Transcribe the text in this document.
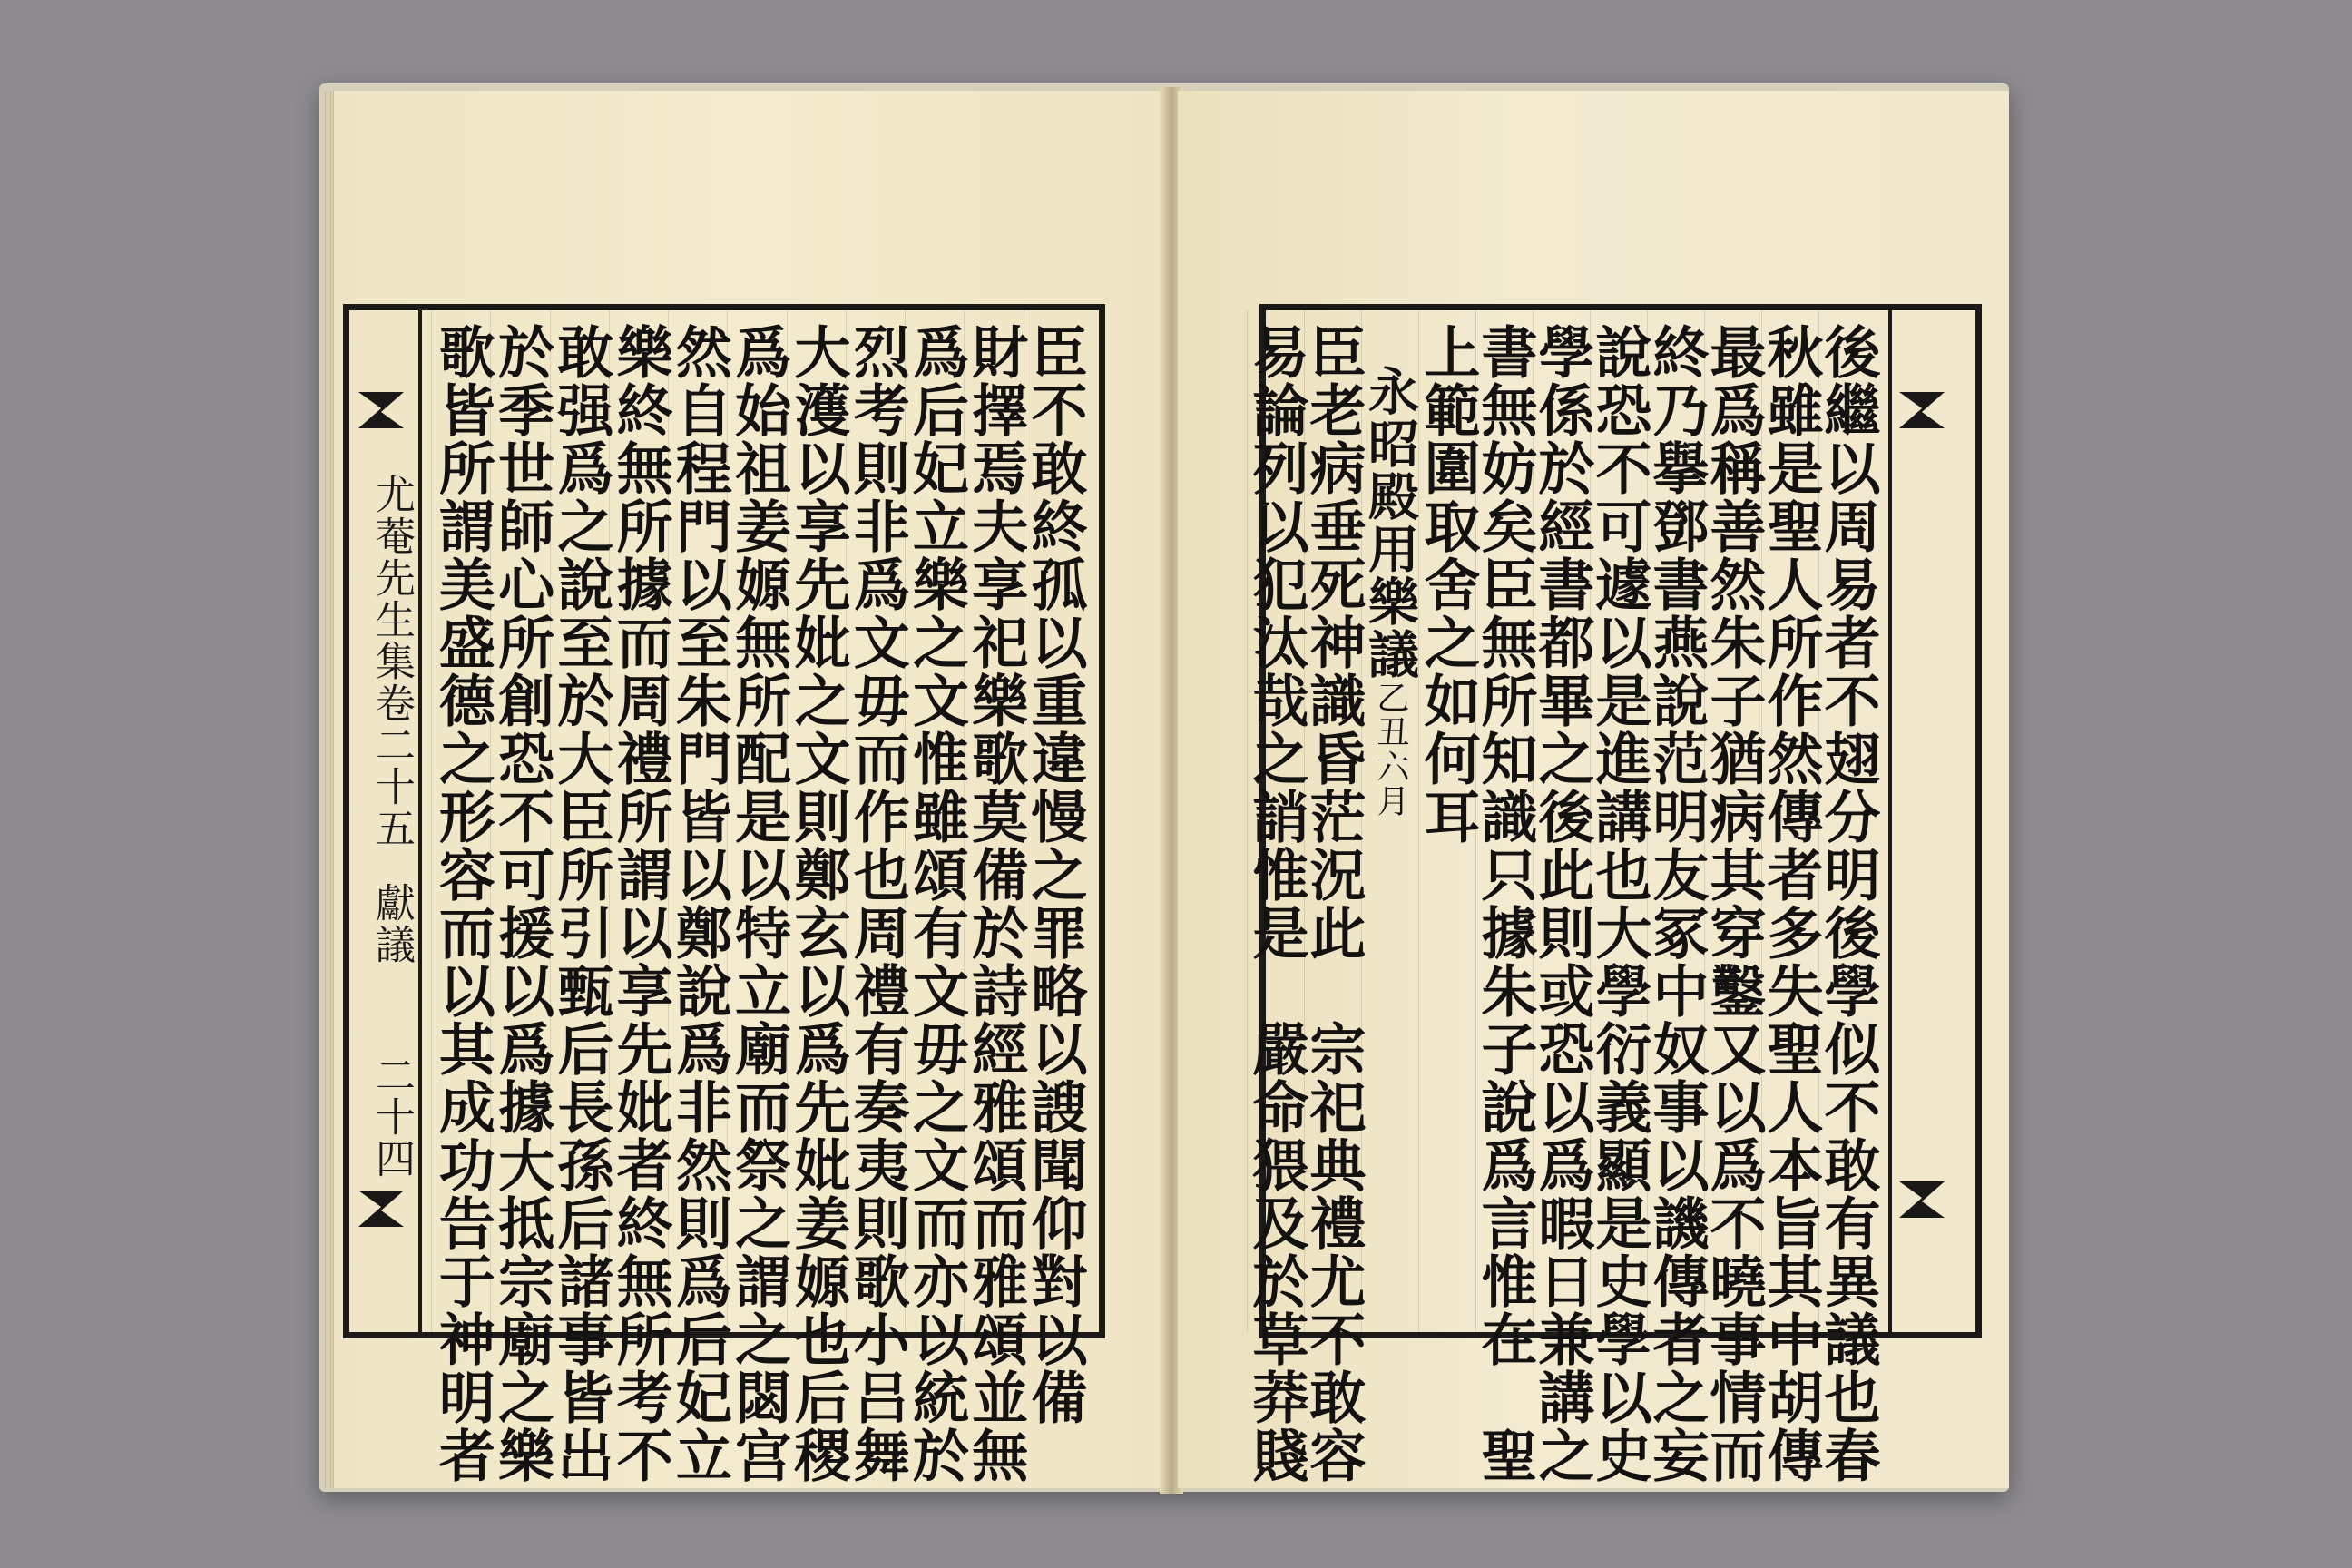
尤菴先生集卷二十五
獻議
二十四	臣不敢終孤以重違慢之罪略以謏聞仰對以備
財擇焉夫享祀樂歌莫備於詩經雅頌而雅頌並無
爲后妃立樂之文惟雖頌有文毋之文而亦以統於
烈考則非爲文毋而作也周禮有奏夷則歌小吕舞
大濩以享先妣之文則鄭玄以爲先妣姜嫄也后稷
爲始祖姜嫄無所配是以特立廟而祭之謂之閟宫
然自程門以至朱門皆以鄭說爲非然則爲后妃立
樂終無所據而周禮所謂以享先妣者終無所考不
敢强爲之說至於大臣所引甄后長孫后諸事皆出
於季世師心所創恐不可援以爲據大抵宗廟之樂
歌皆所謂美盛德之形容而以其成功告于神明者	後繼以周易者不翅分明後學似不敢有異議也春
秋雖是聖人所作然傳者多失聖人本旨其中胡傳
最爲稱善然朱子猶病其穿鑿又以爲不曉事情而
終乃擧鄧書燕說范明友冢中奴事以譏傳者之妄
說恐不可遽以是進講也大學衍義顯是史學以史
學係於經書都畢之後此則或恐以爲暇日兼講之
書無妨矣臣無所知識只據朱子說爲言惟在　聖
上範圍取舍之如何耳
永昭殿用樂議乙丑六月
臣老病垂死神識昏茫況此　宗祀典禮尤不敢容
易論列以犯汰哉之誚惟是　嚴命猥及於草莽賤
